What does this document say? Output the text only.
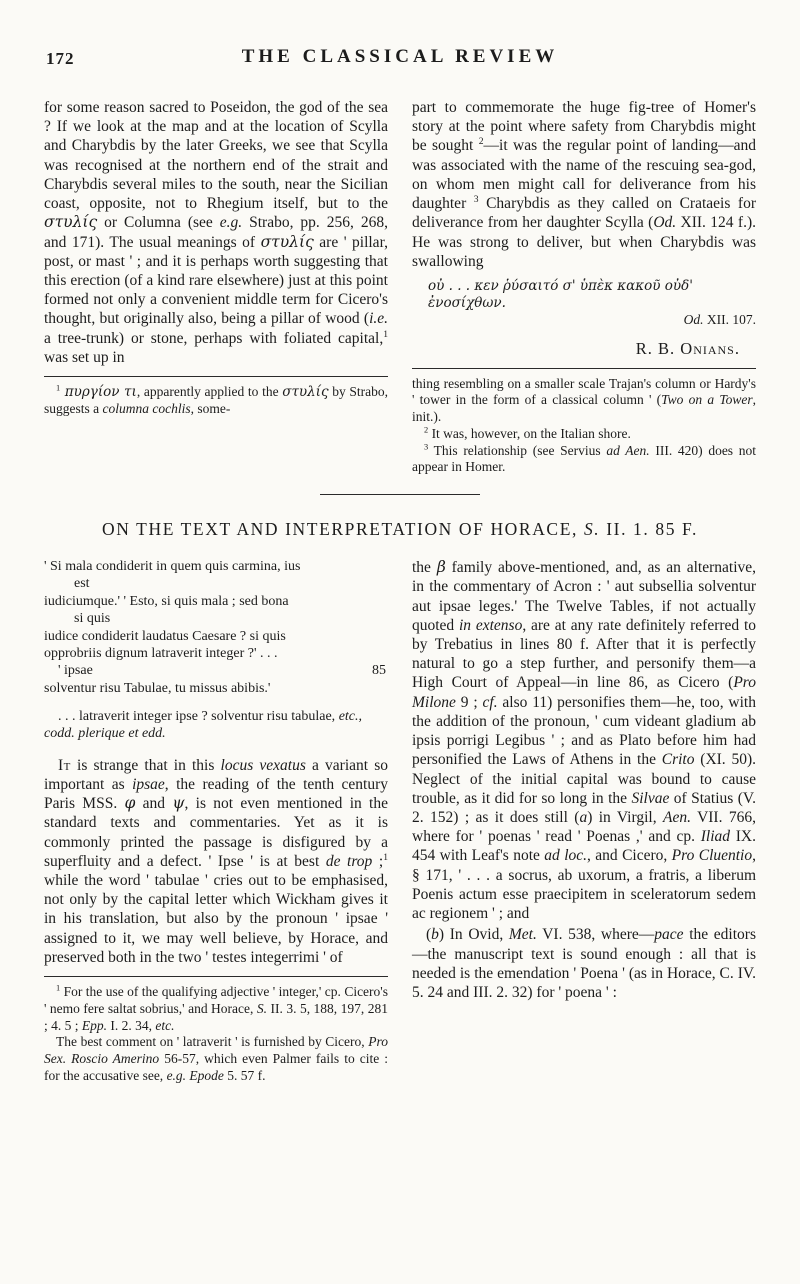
172	THE CLASSICAL REVIEW

for some reason sacred to Poseidon, the god of the sea ? If we look at the map and at the location of Scylla and Charybdis by the later Greeks, we see that Scylla was recognised at the northern end of the strait and Charybdis several miles to the south, near the Sicilian coast, opposite, not to Rhegium itself, but to the στυλίς or Columna (see e.g. Strabo, pp. 256, 268, and 171). The usual meanings of στυλίς are ' pillar, post, or mast ' ; and it is perhaps worth suggesting that this erection (of a kind rare elsewhere) just at this point formed not only a convenient middle term for Cicero's thought, but originally also, being a pillar of wood (i.e. a tree-trunk) or stone, perhaps with foliated capital,$^1$ was set up in

$^1$ πυργίον τι, apparently applied to the στυλίς by Strabo, suggests a columna cochlis, some-

part to commemorate the huge fig-tree of Homer's story at the point where safety from Charybdis might be sought $^2$—it was the regular point of landing—and was associated with the name of the rescuing sea-god, on whom men might call for deliverance from his daughter $^3$ Charybdis as they called on Crataeis for deliverance from her daughter Scylla (Od. XII. 124 f.). He was strong to deliver, but when Charybdis was swallowing

οὐ . . . κεν ῥύσαιτό σ' ὑπὲκ κακοῦ οὐδ' ἐνοσίχθων.

Od. XII. 107.

R. B. Onians.

thing resembling on a smaller scale Trajan's column or Hardy's ' tower in the form of a classical column ' (Two on a Tower, init.).

$^2$ It was, however, on the Italian shore.

$^3$ This relationship (see Servius ad Aen. III. 420) does not appear in Homer.

ON THE TEXT AND INTERPRETATION OF HORACE, S. II. 1. 85 F.
' Si mala condiderit in quem quis carmina, ius
est
iudiciumque.' ' Esto, si quis mala ; sed bona
si quis
iudice condiderit laudatus Caesare ? si quis
opprobriis dignum latraverit integer ?' . . .
' ipsae	85
solventur risu Tabulae, tu missus abibis.'

. . . latraverit integer ipse ? solventur risu tabulae, etc., codd. plerique et edd.

It is strange that in this locus vexatus a variant so important as ipsae, the reading of the tenth century Paris MSS. φ and ψ, is not even mentioned in the standard texts and commentaries. Yet as it is commonly printed the passage is disfigured by a superfluity and a defect. ' Ipse ' is at best de trop ;$^1$ while the word ' tabulae ' cries out to be emphasised, not only by the capital letter which Wickham gives it in his translation, but also by the pronoun ' ipsae ' assigned to it, we may well believe, by Horace, and preserved both in the two ' testes integerrimi ' of

$^1$ For the use of the qualifying adjective ' integer,' cp. Cicero's ' nemo fere saltat sobrius,' and Horace, S. II. 3. 5, 188, 197, 281 ; 4. 5 ; Epp. I. 2. 34, etc.

The best comment on ' latraverit ' is furnished by Cicero, Pro Sex. Roscio Amerino 56-57, which even Palmer fails to cite : for the accusative see, e.g. Epode 5. 57 f.

the β family above-mentioned, and, as an alternative, in the commentary of Acron : ' aut subsellia solventur aut ipsae leges.' The Twelve Tables, if not actually quoted in extenso, are at any rate definitely referred to by Trebatius in lines 80 f. After that it is perfectly natural to go a step further, and personify them—a High Court of Appeal—in line 86, as Cicero (Pro Milone 9 ; cf. also 11) personifies them—he, too, with the addition of the pronoun, ' cum videant gladium ab ipsis porrigi Legibus ' ; and as Plato before him had personified the Laws of Athens in the Crito (XI. 50). Neglect of the initial capital was bound to cause trouble, as it did for so long in the Silvae of Statius (V. 2. 152) ; as it does still (a) in Virgil, Aen. VII. 766, where for ' poenas ' read ' Poenas ,' and cp. Iliad IX. 454 with Leaf's note ad loc., and Cicero, Pro Cluentio, § 171, ' . . . a socrus, ab uxorum, a fratris, a liberum Poenis actum esse praecipitem in sceleratorum sedem ac regionem ' ; and

(b) In Ovid, Met. VI. 538, where—pace the editors—the manuscript text is sound enough : all that is needed is the emendation ' Poena ' (as in Horace, C. IV. 5. 24 and III. 2. 32) for ' poena ' :
